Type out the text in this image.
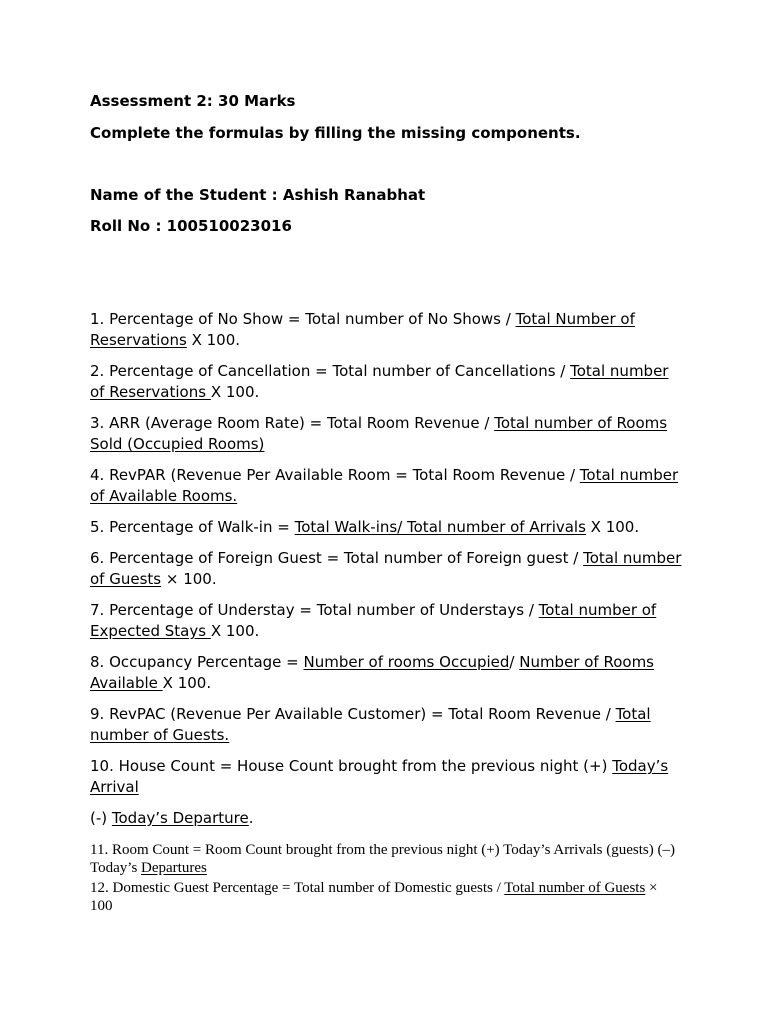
Assessment 2: 30 Marks

Complete the formulas by filling the missing components.

Name of the Student : Ashish Ranabhat

Roll No : 100510023016

1. Percentage of No Show = Total number of No Shows / Total Number of Reservations X 100.

2. Percentage of Cancellation = Total number of Cancellations / Total number of Reservations X 100.

3. ARR (Average Room Rate) = Total Room Revenue / Total number of Rooms Sold (Occupied Rooms)

4. RevPAR (Revenue Per Available Room = Total Room Revenue / Total number of Available Rooms.

5. Percentage of Walk-in = Total Walk-ins/ Total number of Arrivals X 100.

6. Percentage of Foreign Guest = Total number of Foreign guest / Total number of Guests × 100.

7. Percentage of Understay = Total number of Understays / Total number of Expected Stays X 100.

8. Occupancy Percentage = Number of rooms Occupied/ Number of Rooms Available X 100.

9. RevPAC (Revenue Per Available Customer) = Total Room Revenue / Total number of Guests.

10. House Count = House Count brought from the previous night (+) Today’s Arrival

(-) Today’s Departure.

11. Room Count = Room Count brought from the previous night (+) Today’s Arrivals (guests) (–) Today’s Departures

12. Domestic Guest Percentage = Total number of Domestic guests / Total number of Guests × 100
